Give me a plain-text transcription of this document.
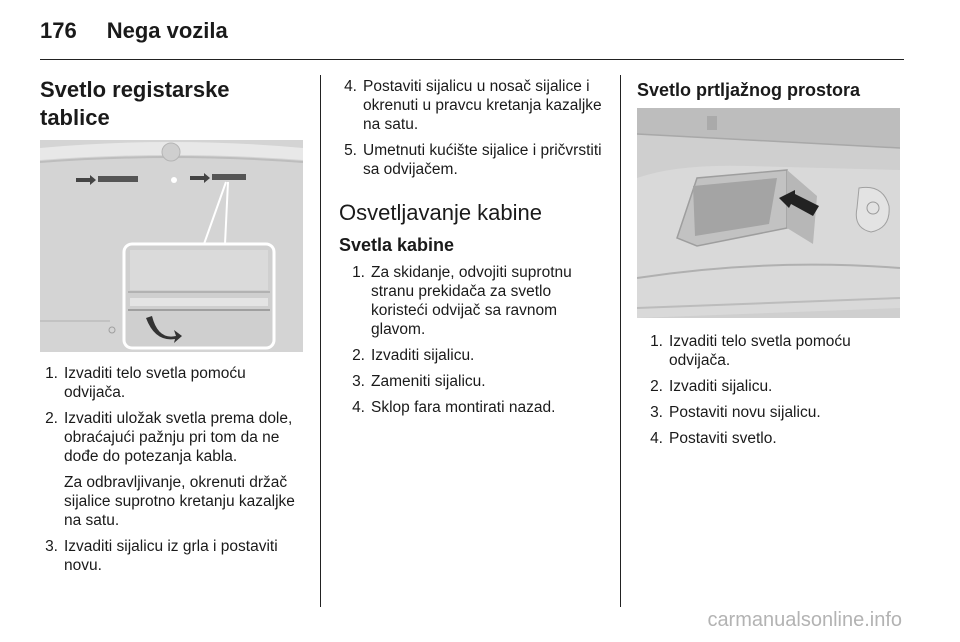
176 Nega vozila
Svetlo registarske tablice
1. Izvaditi telo svetla pomoću odvijača.
2. Izvaditi uložak svetla prema dole, obraćajući pažnju pri tom da ne dođe do potezanja kabla.
Za odbravljivanje, okrenuti držač sijalice suprotno kretanju kazaljke na satu.
3. Izvaditi sijalicu iz grla i postaviti novu.
4. Postaviti sijalicu u nosač sijalice i okrenuti u pravcu kretanja kazaljke na satu.
5. Umetnuti kućište sijalice i pričvrstiti sa odvijačem.
Osvetljavanje kabine
Svetla kabine
1. Za skidanje, odvojiti suprotnu stranu prekidača za svetlo koristeći odvijač sa ravnom glavom.
2. Izvaditi sijalicu.
3. Zameniti sijalicu.
4. Sklop fara montirati nazad.
Svetlo prtljažnog prostora
1. Izvaditi telo svetla pomoću odvijača.
2. Izvaditi sijalicu.
3. Postaviti novu sijalicu.
4. Postaviti svetlo.
carmanualsonline.info
